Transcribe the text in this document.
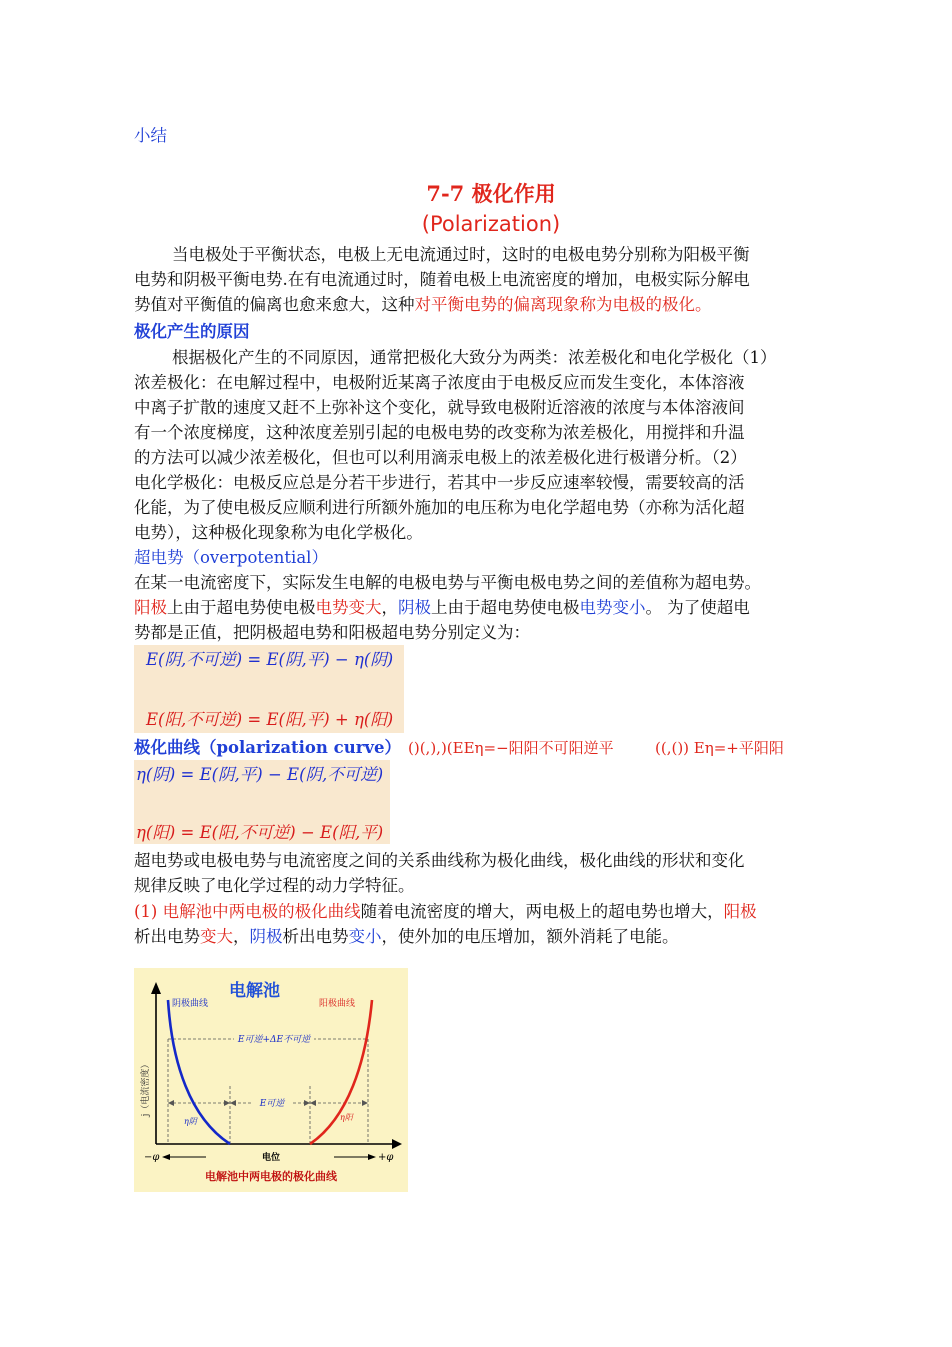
小结
7-7 极化作用
(Polarization)
当电极处于平衡状态，电极上无电流通过时，这时的电极电势分别称为阳极平衡
电势和阴极平衡电势.在有电流通过时，随着电极上电流密度的增加，电极实际分解电
势值对平衡值的偏离也愈来愈大，这种对平衡电势的偏离现象称为电极的极化。
极化产生的原因
根据极化产生的不同原因，通常把极化大致分为两类：浓差极化和电化学极化（1）
浓差极化：在电解过程中，电极附近某离子浓度由于电极反应而发生变化，本体溶液
中离子扩散的速度又赶不上弥补这个变化，就导致电极附近溶液的浓度与本体溶液间
有一个浓度梯度，这种浓度差别引起的电极电势的改变称为浓差极化，用搅拌和升温
的方法可以减少浓差极化，但也可以利用滴汞电极上的浓差极化进行极谱分析。（2）
电化学极化：电极反应总是分若干步进行，若其中一步反应速率较慢，需要较高的活
化能，为了使电极反应顺利进行所额外施加的电压称为电化学超电势（亦称为活化超
电势），这种极化现象称为电化学极化。
超电势（overpotential）
在某一电流密度下，实际发生电解的电极电势与平衡电极电势之间的差值称为超电势。
阳极上由于超电势使电极电势变大，阴极上由于超电势使电极电势变小。 为了使超电
势都是正值，把阴极超电势和阳极超电势分别定义为：
E(阴,不可逆) = E(阴,平) − η(阴)
E(阳,不可逆) = E(阳,平) + η(阳)
极化曲线（polarization curve） ()(,),)(EEη=−阳阳不可阳逆平	((,()) Eη=+平阳阳
η(阴) = E(阴,平) − E(阴,不可逆)
η(阳) = E(阳,不可逆) − E(阳,平)
超电势或电极电势与电流密度之间的关系曲线称为极化曲线，极化曲线的形状和变化
规律反映了电化学过程的动力学特征。
(1) 电解池中两电极的极化曲线随着电流密度的增大，两电极上的超电势也增大，阳极
析出电势变大，阴极析出电势变小，使外加的电压增加，额外消耗了电能。
电解池
阴极曲线	阳极曲线
j（电流密度）
E可逆+ΔE不可逆
E可逆
η阴	η阳
−φ	电位	+φ
电解池中两电极的极化曲线
